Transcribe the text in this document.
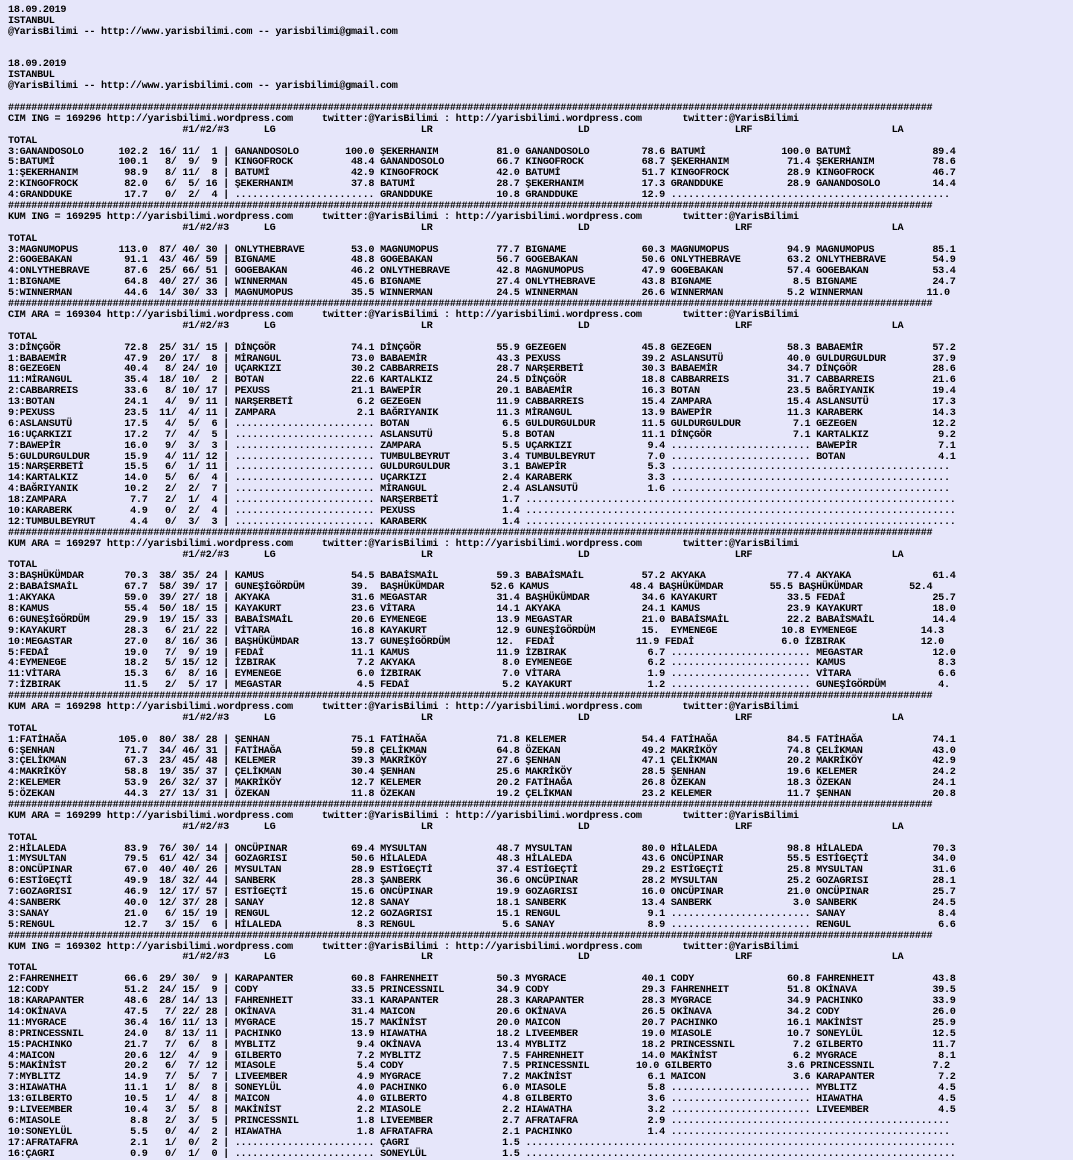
18.09.2019
ISTANBUL
@YarisBilimi -- http://www.yarisbilimi.com -- yarisbilimi@gmail.com
18.09.2019
ISTANBUL
@YarisBilimi -- http://www.yarisbilimi.com -- yarisbilimi@gmail.com
###############################################################################################################################################################
CIM ING = 169296 http://yarisbilimi.wordpress.com     twitter:@YarisBilimi : http://yarisbilimi.wordpress.com       twitter:@YarisBilimi
#1/#2/#3      LG                         LR                         LD                         LRF                        LA
TOTAL
3:GANANDOSOLO      102.2  16/ 11/  1 | GANANDOSOLO        100.0 ŞEKERHANIM          81.0 GANANDOSOLO         78.6 BATUMİ             100.0 BATUMİ              89.4
5:BATUMİ           100.1   8/  9/  9 | KINGOFROCK          48.4 GANANDOSOLO         66.7 KINGOFROCK          68.7 ŞEKERHANIM          71.4 ŞEKERHANIM          78.6
1:ŞEKERHANIM        98.9   8/ 11/  8 | BATUMİ              42.9 KINGOFROCK          42.0 BATUMİ              51.7 KINGOFROCK          28.9 KINGOFROCK          46.7
2:KINGOFROCK        82.0   6/  5/ 16 | ŞEKERHANIM          37.8 BATUMİ              28.7 ŞEKERHANIM          17.3 GRANDDUKE           28.9 GANANDOSOLO         14.4
4:GRANDDUKE         17.7   0/  2/  4 | ........................ GRANDDUKE           10.8 GRANDDUKE           12.9 ................................................
###############################################################################################################################################################
KUM ING = 169295 http://yarisbilimi.wordpress.com     twitter:@YarisBilimi : http://yarisbilimi.wordpress.com       twitter:@YarisBilimi
#1/#2/#3      LG                         LR                         LD                         LRF                        LA
TOTAL
3:MAGNUMOPUS       113.0  87/ 40/ 30 | ONLYTHEBRAVE        53.0 MAGNUMOPUS          77.7 BIGNAME             60.3 MAGNUMOPUS          94.9 MAGNUMOPUS          85.1
2:GOGEBAKAN         91.1  43/ 46/ 59 | BIGNAME             48.8 GOGEBAKAN           56.7 GOGEBAKAN           50.6 ONLYTHEBRAVE        63.2 ONLYTHEBRAVE        54.9
4:ONLYTHEBRAVE      87.6  25/ 66/ 51 | GOGEBAKAN           46.2 ONLYTHEBRAVE        42.8 MAGNUMOPUS          47.9 GOGEBAKAN           57.4 GOGEBAKAN           53.4
1:BIGNAME           64.8  40/ 27/ 36 | WINNERMAN           45.6 BIGNAME             27.4 ONLYTHEBRAVE        43.8 BIGNAME              8.5 BIGNAME             24.7
5:WINNERMAN         44.6  14/ 30/ 33 | MAGNUMOPUS          35.5 WINNERMAN           24.5 WINNERMAN           26.6 WINNERMAN           5.2 WINNERMAN           11.0
###############################################################################################################################################################
CIM ARA = 169304 http://yarisbilimi.wordpress.com     twitter:@YarisBilimi : http://yarisbilimi.wordpress.com       twitter:@YarisBilimi
#1/#2/#3      LG                         LR                         LD                         LRF                        LA
TOTAL
3:DİNÇGÖR           72.8  25/ 31/ 15 | DİNÇGÖR             74.1 DİNÇGÖR             55.9 GEZEGEN             45.8 GEZEGEN             58.3 BABAEMİR            57.2
1:BABAEMİR          47.9  20/ 17/  8 | MİRANGUL            73.0 BABAEMİR            43.3 PEXUSS              39.2 ASLANSUTÜ           40.0 GULDURGULDUR        37.9
8:GEZEGEN           40.4   8/ 24/ 10 | UÇARKIZI            30.2 CABBARREIS          28.7 NARŞERBETİ          30.3 BABAEMİR            34.7 DİNÇGÖR             28.6
11:MİRANGUL         35.4  18/ 10/  2 | BOTAN               22.6 KARTALKIZ           24.5 DİNÇGÖR             18.8 CABBARREIS          31.7 CABBARREIS          21.6
2:CABBARREIS        33.6   8/ 10/ 17 | PEXUSS              21.1 BAWEPİR             20.1 BABAEMİR            16.3 BOTAN               23.5 BAĞRIYANIK          19.4
13:BOTAN            24.1   4/  9/ 11 | NARŞERBETİ           6.2 GEZEGEN             11.9 CABBARREIS          15.4 ZAMPARA             15.4 ASLANSUTÜ           17.3
9:PEXUSS            23.5  11/  4/ 11 | ZAMPARA              2.1 BAĞRIYANIK          11.3 MİRANGUL            13.9 BAWEPİR             11.3 KARABERK            14.3
6:ASLANSUTÜ         17.5   4/  5/  6 | ........................ BOTAN                6.5 GULDURGULDUR        11.5 GULDURGULDUR         7.1 GEZEGEN             12.2
16:UÇARKIZI         17.2   7/  4/  5 | ........................ ASLANSUTÜ            5.8 BOTAN               11.1 DİNÇGÖR              7.1 KARTALKIZ            9.2
7:BAWEPİR           16.0   9/  3/  3 | ........................ ZAMPARA              5.5 UÇARKIZI             9.4 ........................ BAWEPİR              7.1
5:GULDURGULDUR      15.9   4/ 11/ 12 | ........................ TUMBULBEYRUT         3.4 TUMBULBEYRUT         7.0 ........................ BOTAN                4.1
15:NARŞERBETİ       15.5   6/  1/ 11 | ........................ GULDURGULDUR         3.1 BAWEPİR              5.3 ................................................
14:KARTALKIZ        14.0   5/  6/  4 | ........................ UÇARKIZI             2.4 KARABERK             3.3 ................................................
4:BAĞRIYANIK        10.2   2/  2/  7 | ........................ MİRANGUL             2.4 ASLANSUTÜ            1.6 ................................................
18:ZAMPARA           7.7   2/  1/  4 | ........................ NARŞERBETİ           1.7 ..........................................................................
10:KARABERK          4.9   0/  2/  4 | ........................ PEXUSS               1.4 ..........................................................................
12:TUMBULBEYRUT      4.4   0/  3/  3 | ........................ KARABERK             1.4 ..........................................................................
###############################################################################################################################################################
KUM ARA = 169297 http://yarisbilimi.wordpress.com     twitter:@YarisBilimi : http://yarisbilimi.wordpress.com       twitter:@YarisBilimi
#1/#2/#3      LG                         LR                         LD                         LRF                        LA
TOTAL
3:BAŞHÜKÜMDAR       70.3  38/ 35/ 24 | KAMUS               54.5 BABAİSMAİL          59.3 BABAİSMAİL          57.2 AKYAKA              77.4 AKYAKA              61.4
2:BABAİSMAİL        67.7  58/ 39/ 17 | GUNEŞİGÖRDÜM        39.  BAŞHÜKÜMDAR        52.6 KAMUS              48.4 BAŞHÜKÜMDAR        55.5 BAŞHÜKÜMDAR        52.4
1:AKYAKA            59.0  39/ 27/ 18 | AKYAKA              31.6 MEGASTAR            31.4 BAŞHÜKÜMDAR         34.6 KAYAKURT            33.5 FEDAİ               25.7
8:KAMUS             55.4  50/ 18/ 15 | KAYAKURT            23.6 VİTARA              14.1 AKYAKA              24.1 KAMUS               23.9 KAYAKURT            18.0
6:GUNEŞİGÖRDÜM      29.9  19/ 15/ 33 | BABAİSMAİL          20.6 EYMENEGE            13.9 MEGASTAR            21.0 BABAİSMAİL          22.2 BABAİSMAİL          14.4
9:KAYAKURT          28.3   6/ 21/ 22 | VİTARA              16.8 KAYAKURT            12.9 GUNEŞİGÖRDÜM        15.  EYMENEGE           10.8 EYMENEGE           14.3
10:MEGASTAR         27.0   8/ 16/ 36 | BAŞHÜKÜMDAR         13.7 GUNEŞİGÖRDÜM        12.  FEDAİ              11.9 FEDAİ               6.0 İZBIRAK             12.0
5:FEDAİ             19.0   7/  9/ 19 | FEDAİ               11.1 KAMUS               11.9 İZBIRAK              6.7 ........................ MEGASTAR            12.0
4:EYMENEGE          18.2   5/ 15/ 12 | İZBIRAK              7.2 AKYAKA               8.0 EYMENEGE             6.2 ........................ KAMUS                8.3
11:VİTARA           15.3   6/  8/ 16 | EYMENEGE             6.0 İZBIRAK              7.0 VİTARA               1.9 ........................ VİTARA               6.6
7:İZBIRAK           11.5   2/  5/ 17 | MEGASTAR             4.5 FEDAİ                5.2 KAYAKURT             1.2 ........................ GUNEŞİGÖRDÜM         4.
###############################################################################################################################################################
KUM ARA = 169298 http://yarisbilimi.wordpress.com     twitter:@YarisBilimi : http://yarisbilimi.wordpress.com       twitter:@YarisBilimi
#1/#2/#3      LG                         LR                         LD                         LRF                        LA
TOTAL
1:FATİHAĞA         105.0  80/ 38/ 28 | ŞENHAN              75.1 FATİHAĞA            71.8 KELEMER             54.4 FATİHAĞA            84.5 FATİHAĞA            74.1
6:ŞENHAN            71.7  34/ 46/ 31 | FATİHAĞA            59.8 ÇELİKMAN            64.8 ÖZEKAN              49.2 MAKRİKÖY            74.8 ÇELİKMAN            43.0
3:ÇELİKMAN          67.3  23/ 45/ 48 | KELEMER             39.3 MAKRİKÖY            27.6 ŞENHAN              47.1 ÇELİKMAN            20.2 MAKRİKÖY            42.9
4:MAKRİKÖY          58.8  19/ 35/ 37 | ÇELİKMAN            30.4 ŞENHAN              25.6 MAKRİKÖY            28.5 ŞENHAN              19.6 KELEMER             24.2
2:KELEMER           53.9  26/ 32/ 37 | MAKRİKÖY            12.7 KELEMER             20.2 FATİHAĞA            26.8 ÖZEKAN              18.3 ÖZEKAN              24.1
5:ÖZEKAN            44.3  27/ 13/ 31 | ÖZEKAN              11.8 ÖZEKAN              19.2 ÇELİKMAN            23.2 KELEMER             11.7 ŞENHAN              20.8
###############################################################################################################################################################
KUM ARA = 169299 http://yarisbilimi.wordpress.com     twitter:@YarisBilimi : http://yarisbilimi.wordpress.com       twitter:@YarisBilimi
#1/#2/#3      LG                         LR                         LD                         LRF                        LA
TOTAL
2:HİLALEDA          83.9  76/ 30/ 14 | ONCÜPINAR           69.4 MYSULTAN            48.7 MYSULTAN            80.0 HİLALEDA            98.8 HİLALEDA            70.3
1:MYSULTAN          79.5  61/ 42/ 34 | GOZAGRISI           50.6 HİLALEDA            48.3 HİLALEDA            43.6 ONCÜPINAR           55.5 ESTİGEÇTİ           34.0
8:ONCÜPINAR         67.0  40/ 40/ 26 | MYSULTAN            28.9 ESTİGEÇTİ           37.4 ESTİGEÇTİ           29.2 ESTİGEÇTİ           25.8 MYSULTAN            31.6
6:ESTİGEÇTİ         49.9  18/ 32/ 44 | SANBERK             28.3 ŞANBERK             36.6 ONCÜPINAR           28.2 MYSULTAN            25.2 GOZAGRISI           28.1
7:GOZAGRISI         46.9  12/ 17/ 57 | ESTİGEÇTİ           15.6 ONCÜPINAR           19.9 GOZAGRISI           16.0 ONCÜPINAR           21.0 ONCÜPINAR           25.7
4:SANBERK           40.0  12/ 37/ 28 | SANAY               12.8 SANAY               18.1 SANBERK             13.4 SANBERK              3.0 SANBERK             24.5
3:SANAY             21.0   6/ 15/ 19 | RENGUL              12.2 GOZAGRISI           15.1 RENGUL               9.1 ........................ SANAY                8.4
5:RENGUL            12.7   3/ 15/  6 | HİLALEDA             8.3 RENGUL               5.6 SANAY                8.9 ........................ RENGUL               6.6
###############################################################################################################################################################
KUM ING = 169302 http://yarisbilimi.wordpress.com     twitter:@YarisBilimi : http://yarisbilimi.wordpress.com       twitter:@YarisBilimi
#1/#2/#3      LG                         LR                         LD                         LRF                        LA
TOTAL
2:FAHRENHEIT        66.6  29/ 30/  9 | KARAPANTER          60.8 FAHRENHEIT          50.3 MYGRACE             40.1 CODY                60.8 FAHRENHEIT          43.8
12:CODY             51.2  24/ 15/  9 | CODY                33.5 PRINCESSNIL         34.9 CODY                29.3 FAHRENHEIT          51.8 OKİNAVA             39.5
18:KARAPANTER       48.6  28/ 14/ 13 | FAHRENHEIT          33.1 KARAPANTER          28.3 KARAPANTER          28.3 MYGRACE             34.9 PACHINKO            33.9
14:OKİNAVA          47.5   7/ 22/ 28 | OKİNAVA             31.4 MAICON              20.6 OKİNAVA             26.5 OKİNAVA             34.2 CODY                26.0
11:MYGRACE          36.4  16/ 11/ 13 | MYGRACE             15.7 MAKİNİST            20.0 MAICON              20.7 PACHINKO            16.1 MAKİNİST            25.9
8:PRINCESSNIL       24.0   8/ 13/ 11 | PACHINKO            13.9 HIAWATHA            18.2 LIVEEMBER           19.0 MIASOLE             10.7 SONEYLÜL            12.5
15:PACHINKO         21.7   7/  6/  8 | MYBLITZ              9.4 OKİNAVA             13.4 MYBLITZ             18.2 PRINCESSNIL          7.2 GILBERTO            11.7
4:MAICON            20.6  12/  4/  9 | GILBERTO             7.2 MYBLITZ              7.5 FAHRENHEIT          14.0 MAKİNİST             6.2 MYGRACE              8.1
5:MAKİNİST          20.2   6/  7/ 12 | MIASOLE              5.4 CODY                 7.5 PRINCESSNIL        10.0 GILBERTO             3.6 PRINCESSNIL          7.2
7:MYBLITZ           14.9   7/  5/  7 | LIVEEMBER            4.9 MYGRACE              7.2 MAKİNİST             6.1 MAICON               3.6 KARAPANTER           7.2
3:HIAWATHA          11.1   1/  8/  8 | SONEYLÜL             4.0 PACHINKO             6.0 MIASOLE              5.8 ........................ MYBLITZ              4.5
13:GILBERTO         10.5   1/  4/  8 | MAICON               4.0 GILBERTO             4.8 GILBERTO             3.6 ........................ HIAWATHA             4.5
9:LIVEEMBER         10.4   3/  5/  8 | MAKİNİST             2.2 MIASOLE              2.2 HIAWATHA             3.2 ........................ LIVEEMBER            4.5
6:MIASOLE            8.8   2/  3/  5 | PRINCESSNIL          1.8 LIVEEMBER            2.7 AFRATAFRA            2.9 ................................................
10:SONEYLÜL          5.5   0/  4/  2 | HIAWATHA             1.8 AFRATAFRA            2.1 PACHINKO             1.4 ................................................
17:AFRATAFRA         2.1   1/  0/  2 | ........................ ÇAGRI                1.5 ..........................................................................
16:ÇAGRI             0.9   0/  1/  0 | ........................ SONEYLÜL             1.5 ..........................................................................
